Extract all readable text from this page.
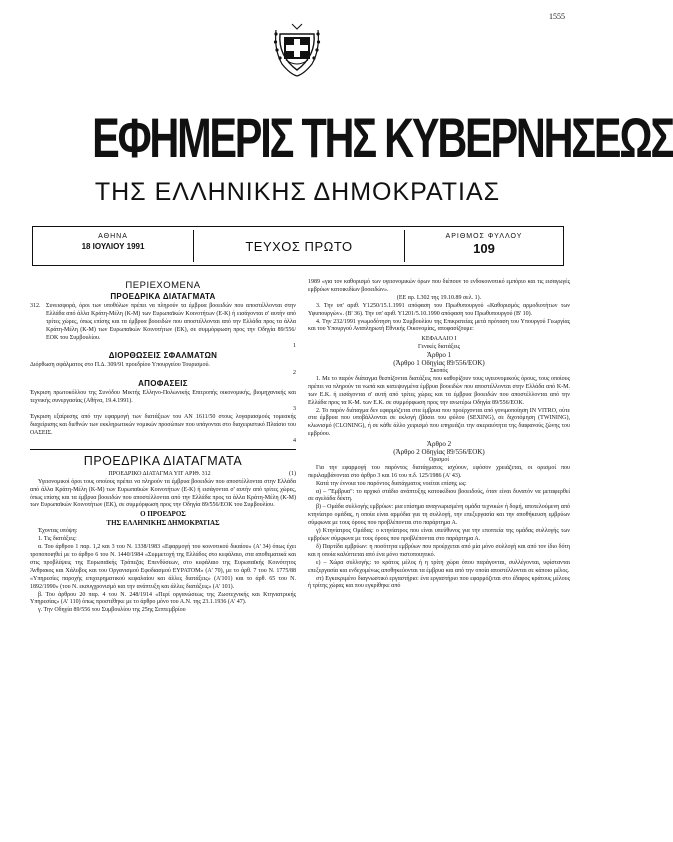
1555
ΕΦΗΜΕΡΙΣ ΤΗΣ ΚΥΒΕΡΝΗΣΕΩΣ
ΤΗΣ ΕΛΛΗΝΙΚΗΣ ΔΗΜΟΚΡΑΤΙΑΣ
ΑΘΗΝΑ
18 ΙΟΥΛΙΟΥ 1991	ΤΕΥΧΟΣ ΠΡΩΤΟ
ΑΡΙΘΜΟΣ ΦΥΛΛΟΥ
109
ΠΕΡΙΕΧΟΜΕΝΑ
ΠΡΟΕΔΡΙΚΑ ΔΙΑΤΑΓΜΑΤΑ
312. Συνεισφορά, όροι των υποθύλων πρέπει να πληρούν τα έμβρυα βοοειδών που αποστέλλονται στην Ελλάδα από άλλα Κράτη-Μέλη (Κ-Μ) των Ευρωπαϊκών Κοινοτήτων (Ε-Κ) ή εισάγονται σ' αυτήν από τρίτες χώρες, όπως επίσης και τα έμβρυα βοοειδών που αποστέλλονται από την Ελλάδα προς τα άλλα Κράτη-Μέλη (Κ-Μ) των Ευρωπαϊκών Κοινοτήτων (ΕΚ), σε συμμόρφωση προς την Οδηγία 89/556/ΕΟΚ του Συμβουλίου.
1
ΔΙΟΡΘΩΣΕΙΣ ΣΦΑΛΜΑΤΩΝ
Διόρθωση σφάλματος στο Π.Δ. 309/91 προεδρίου Υπουργείου Τουρισμού.
2
ΑΠΟΦΑΣΕΙΣ
Έγκριση πρωτοκόλλου της Συνόδου Μικτής Ελληνο-Πολωνικής Επιτροπής οικονομικής, βιομηχανικής και τεχνικής συνεργασίας (Αθήνα, 19.4.1991).
3
Έγκριση εξαίρεσης από την εφαρμογή των διατάξεων του ΑΝ 1611/50 στους λογαριασμούς τομεακής διαχείρισης και διεθνών των εκκληρωτικών νομικών προσώπων που υπάγονται στο διαχειριστικό Πλαίσιο του ΟΑΣΕΙΣ.
4
ΠΡΟΕΔΡΙΚΑ ΔΙΑΤΑΓΜΑΤΑ
ΠΡΟΕΔΡΙΚΟ ΔΙΑΤΑΓΜΑ ΥΠ' ΑΡΙΘ. 312	(1)

Υγειονομικοί όροι τους οποίους πρέπει να πληρούν τα έμβρυα βοοειδών που αποστέλλονται στην Ελλάδα από άλλα Κράτη-Μέλη (Κ-Μ) των Ευρωπαϊκών Κοινοτήτων (Ε-Κ) ή εισάγονται σ' αυτήν από τρίτες χώρες, όπως επίσης και τα έμβρυα βοοειδών που αποστέλλονται από την Ελλάδα προς τα άλλα Κράτη-Μέλη (Κ-Μ) των Ευρωπαϊκών Κοινοτήτων (ΕΚ), σε συμμόρφωση προς την Οδηγία 89/556/ΕΟΚ του Συμβουλίου.

Ο ΠΡΟΕΔΡΟΣ
ΤΗΣ ΕΛΛΗΝΙΚΗΣ ΔΗΜΟΚΡΑΤΙΑΣ

Έχοντας υπόψη:

1. Τις διατάξεις:

α. Του άρθρου 1 παρ. 1,2 και 3 του Ν. 1338/1983 «Εφαρμογή του κοινοτικού δικαίου» (Α' 34) όπως έχει τροποποιηθεί με το άρθρο 6 του Ν. 1440/1984 «Συμμετοχή της Ελλάδος στο κεφάλαιο, στα αποθεματικά και στις προβλέψεις της Ευρωπαϊκής Τράπεζας Επενδύσεων, στο κεφάλαιο της Ευρωπαϊκής Κοινότητος Άνθρακος και Χάλυβος και του Οργανισμού Εφοδιασμού ΕΥΡΑΤΟΜ» (Α' 70), με το άρθ. 7 του Ν. 1775/88 «Υπηρεσίες παροχής επιχειρηματικού κεφαλαίου και άλλες διατάξεις» (Α'101) και το άρθ. 65 του Ν. 1892/1990» (του Ν. εκσυγχρονισμό και την ανάπτυξη και άλλες διατάξεις» (Α' 101).

β. Του άρθρου 20 παρ. 4 του Ν. 248/1914 «Περί οργανώσεως της Ζωοτεχνικής και Κτηνιατρικής Υπηρεσίας» (Α' 110) όπως προστέθηκε με το άρθρο μόνο του Α.Ν. της 23.1.1936 (Α' 47).

γ. Την Οδηγία 89/556 του Συμβουλίου της 25ης Σεπτεμβρίου

1989 «για τον καθορισμό των υγειονομικών όρων που διέπουν το ενδοκοινοτικό εμπόριο και τις εισαγωγές εμβρύων κατοικιδίων βοοειδών».

(ΕΕ αρ. L302 της 19.10.89 σελ. 1).

3. Την υπ' αριθ. Υ1250/15.1.1991 απόφαση του Πρωθυπουργού «Καθορισμός αρμοδιοτήτων των Υφυπουργών». (Β' 36). Την υπ' αριθ. Υ1201/5.10.1990 απόφαση του Πρωθυπουργού (Β' 10).

4. Την 232/1991 γνωμοδότηση του Συμβουλίου της Επικρατείας μετά πρόταση του Υπουργού Γεωργίας και του Υπουργού Αναπληρωτή Εθνικής Οικονομίας, αποφασίζουμε:

ΚΕΦΑΛΑΙΟ Ι
Γενικές διατάξεις
Άρθρο 1
(Άρθρο 1 Οδηγίας 89/556/ΕΟΚ)
Σκοπός

1. Με το παρόν διάταγμα θεσπίζονται διατάξεις που καθορίζουν τους υγειονομικούς όρους, τους οποίους πρέπει να πληρούν τα νωπά και κατεψυγμένα έμβρυα βοοειδών που αποστέλλονται στην Ελλάδα από Κ-Μ. των Ε.Κ. ή εισάγονται σ' αυτή από τρίτες χώρες και τα έμβρυα βοοειδών που αποστέλλονται από την Ελλάδα προς τα Κ-Μ. των Ε.Κ. σε συμμόρφωση προς την ανωτέρω Οδηγία 89/556/ΕΟΚ.

2. Το παρόν διάταγμα δεν εφαρμόζεται στα έμβρυα που προέρχονται από γονιμοποίηση IN VITRO, ούτε στα έμβρυα που υποβάλλονται σε εκλογή (βάσει του φύλου (SEXING), σε διχοτόμηση (TWINING), κλωνισμό (CLONING), ή σε κάθε άλλο χειρισμό που επηρεάζει την ακεραιότητα της διαφανούς ζώνης του εμβρύου.

Άρθρο 2
(Άρθρο 2 Οδηγίας 89/556/ΕΟΚ)
Ορισμοί

Για την εφαρμογή του παρόντος διατάγματος ισχύουν, εφόσον χρειάζεται, οι ορισμοί που περιλαμβάνονται στο άρθρο 3 και 16 του π.δ. 125/1986 (Α' 43).

Κατά την έννοια του παρόντος διατάγματος νοείται επίσης ως:

α) – "Έμβρυα": το αρχικό στάδιο ανάπτυξης κατοικίδιου βοοειδούς, όταν είναι δυνατόν να μεταφερθεί σε αγελάδα δέκτη.

β) – Ομάδα συλλογής εμβρύων: μια επίσημα αναγνωρισμένη ομάδα τεχνικών ή δομή, αποτελούμενη από κτηνίατρο ομάδας, η οποία είναι αρμόδια για τη συλλογή, την επεξεργασία και την αποθήκευση εμβρύων σύμφωνα με τους όρους που προβλέπονται στο παράρτημα Α.

γ) Κτηνίατρος Ομάδας: ο κτηνίατρος που είναι υπεύθυνος για την εποπτεία της ομάδας συλλογής των εμβρύων σύμφωνα με τους όρους που προβλέπονται στο παράρτημα Α.

δ) Παρτίδα εμβρύων: η ποσότητα εμβρύων που προέρχεται από μία μόνο συλλογή και από τον ίδιο δότη και η οποία καλύπτεται από ένα μόνο πιστοποιητικό.

ε) – Χώρα συλλογής: το κράτος μέλος ή η τρίτη χώρα όπου παράγονται, συλλέγονται, υφίστανται επεξεργασία και ενδεχομένως αποθηκεύονται τα έμβρυα και από την οποία αποστέλλονται σε κάποιο μέλος.

στ) Εγκεκριμένο διαγνωστικό εργαστήριο: ένα εργαστήριο που εφαρμόζεται στο έδαφος κράτους μέλους ή τρίτης χώρας και που εγκρίθηκε από
